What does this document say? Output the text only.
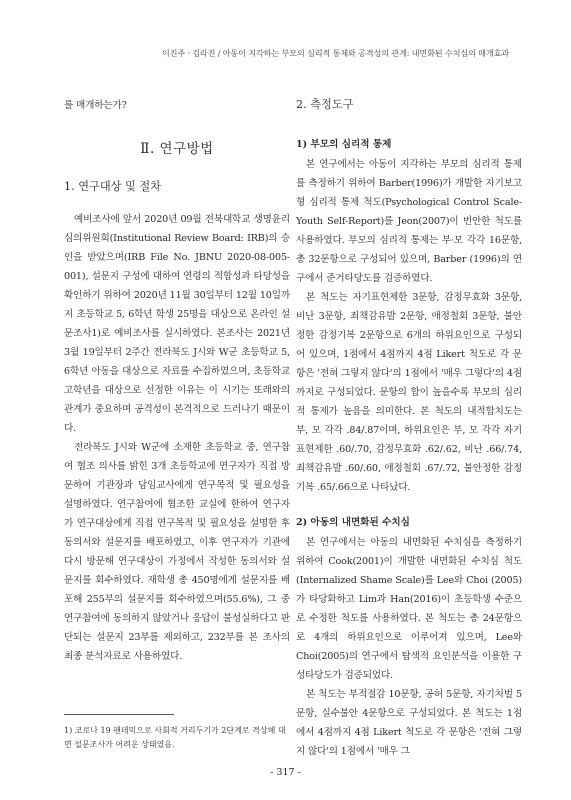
이진주 · 김라진 / 아동이 지각하는 부모의 심리적 통제와 공격성의 관계: 내면화된 수치심의 매개효과

를 매개하는가?

Ⅱ. 연구방법
1. 연구대상 및 절차

예비조사에 앞서 2020년 09월 전북대학교 생명윤리심의위원회(Institutional Review Board: IRB)의 승인을 받았으며(IRB File No. JBNU 2020-08-005-001), 설문지 구성에 대하여 연령의 적합성과 타당성을 확인하기 위하여 2020년 11월 30일부터 12월 10일까지 초등학교 5, 6학년 학생 25명을 대상으로 온라인 설문조사1)로 예비조사를 실시하였다. 본조사는 2021년 3월 19일부터 2주간 전라북도 J시와 W군 초등학교 5, 6학년 아동을 대상으로 자료를 수집하였으며, 초등학교 고학년을 대상으로 선정한 이유는 이 시기는 또래와의 관계가 중요하며 공격성이 본격적으로 드러나기 때문이다.

전라북도 J시와 W군에 소재한 초등학교 중, 연구참여 협조 의사를 밝힌 3개 초등학교에 연구자가 직접 방문하여 기관장과 담임교사에게 연구목적 및 필요성을 설명하였다. 연구참여에 협조한 교실에 한하여 연구자가 연구대상에게 직접 연구목적 및 필요성을 설명한 후 동의서와 설문지를 배포하였고, 이후 연구자가 기관에 다시 방문해 연구대상이 가정에서 작성한 동의서와 설문지를 회수하였다. 재학생 총 450명에게 설문지를 배포해 255부의 설문지를 회수하였으며(55.6%), 그 중 연구참여에 동의하지 않았거나 응답이 불성실하다고 판단되는 설문지 23부를 제외하고, 232부를 본 조사의 최종 분석자료로 사용하였다.

2. 측정도구
1) 부모의 심리적 통제

본 연구에서는 아동이 지각하는 부모의 심리적 통제를 측정하기 위하여 Barber(1996)가 개발한 자기보고형 심리적 통제 척도(Psychological Control Scale-Youth Self-Report)를 Jeon(2007)이 번안한 척도를 사용하였다. 부모의 심리적 통제는 부·모 각각 16문항, 총 32문항으로 구성되어 있으며, Barber (1996)의 연구에서 준거타당도를 검증하였다.

본 척도는 자기표현제한 3문항, 감정무효화 3문항, 비난 3문항, 죄책감유발 2문항, 애정철회 3문항, 불안정한 감정기복 2문항으로 6개의 하위요인으로 구성되어 있으며, 1점에서 4점까지 4점 Likert 척도로 각 문항은 '전혀 그렇지 않다'의 1점에서 '매우 그렇다'의 4점까지로 구성되었다. 문항의 합이 높을수록 부모의 심리적 통제가 높음을 의미한다. 본 척도의 내적합치도는 부, 모 각각 .84/.87이며, 하위요인은 부, 모 각각 자기표현제한 .60/.70, 감정무효화 .62/.62, 비난 .66/.74, 죄책감유발 .60/.60, 애정철회 .67/.72, 불안정한 감정기복 .65/.66으로 나타났다.

2) 아동의 내면화된 수치심

본 연구에서는 아동의 내면화된 수치심을 측정하기 위하여 Cook(2001)이 개발한 내면화된 수치심 척도(Internalized Shame Scale)를 Lee와 Choi (2005)가 타당화하고 Lim과 Han(2016)이 초등학생 수준으로 수정한 척도를 사용하였다. 본 척도는 총 24문항으로 4개의 하위요인으로 이루어져 있으며, Lee와 Choi(2005)의 연구에서 탐색적 요인분석을 이용한 구성타당도가 검증되었다.

본 척도는 부적절감 10문항, 공허 5문항, 자기처벌 5문항, 실수불안 4문항으로 구성되었다. 본 척도는 1점에서 4점까지 4점 Likert 척도로 각 문항은 '전혀 그렇지 않다'의 1점에서 '매우 그

1) 코로나 19 팬데믹으로 사회적 거리두기가 2단계로 격상해 대면 설문조사가 어려운 상태였음.
- 317 -
